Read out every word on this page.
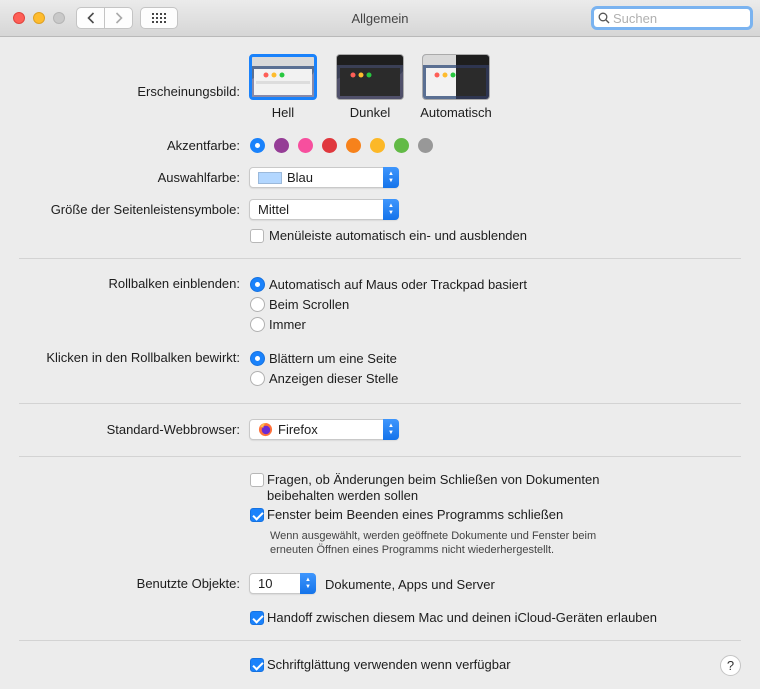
Allgemein
Suchen
Erscheinungsbild:
Hell	Dunkel	Automatisch
Akzentfarbe:
Auswahlfarbe:	Blau	▲
▼
Größe der Seitenleistensymbole: Mittel	▲
▼
Menüleiste automatisch ein- und ausblenden
Rollbalken einblenden: Automatisch auf Maus oder Trackpad basiert
Beim Scrollen
Immer
Klicken in den Rollbalken bewirkt: Blättern um eine Seite
Anzeigen dieser Stelle
Standard-Webbrowser:	Firefox	▲
▼
Fragen, ob Änderungen beim Schließen von Dokumenten
beibehalten werden sollen
Fenster beim Beenden eines Programms schließen
Wenn ausgewählt, werden geöffnete Dokumente und Fenster beim
erneuten Öffnen eines Programms nicht wiederhergestellt.
Benutzte Objekte: 10	▲
▼	Dokumente, Apps und Server
Handoff zwischen diesem Mac und deinen iCloud-Geräten erlauben
Schriftglättung verwenden wenn verfügbar	?
